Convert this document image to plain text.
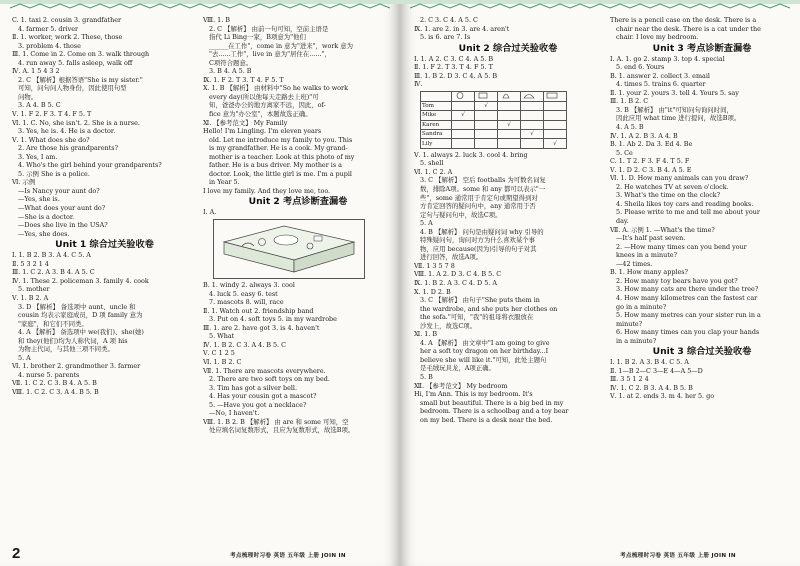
C. 1. taxi 2. cousin 3. grandfather
4. farmer 5. driver
Ⅱ. 1. worker, work 2. These, those
3. problem 4. those
Ⅲ. 1. Come in 2. Come on 3. walk through
4. run away 5. falls asleep, walk off
Ⅳ. A. 1 5 4 3 2
2. C 【解析】根据答语"She is my sister."
可知，问句问人物身份，因此使用句型
问物。
3. A 4. B 5. C
Ⅴ. 1. F 2. F 3. T 4. F 5. T
Ⅵ. 1. C. No, she isn't. 2. She is a nurse.
3. Yes, he is. 4. He is a doctor.
Ⅴ. 1. What does she do?
2. Are those his grandparents?
3. Yes, I am.
4. Who's the girl behind your grandparents?
5. 示例 She is a police.
Ⅵ. 示例
—Is Nancy your aunt do?
—Yes, she is.
—What does your aunt do?
—She is a doctor.
—Does she live in the USA?
—Yes, she does.
Unit 1 综合过关验收卷
Ⅰ. 1. B 2. B 3. A 4. C 5. A
Ⅱ. 5 3 2 1 4
Ⅲ. 1. C 2. A 3. B 4. A 5. C
Ⅳ. 1. These 2. policeman 3. family 4. cook
5. mother
Ⅴ. 1. B 2. A
3. D 【解析】 备选项中 aunt、uncle 和
cousin 均表示家庭成员，D 项 family 意为
"家庭"，和它们不同类。
4. A 【解析】 备选项中 we(我们)、she(她)
和 they(他们)均为人称代词，A 项 his
为物主代词，与其他三项不同类。
5. A
Ⅵ. 1. brother 2. grandmother 3. farmer
4. nurse 5. parents
Ⅶ. 1. C 2. C 3. B 4. A 5. B
Ⅷ. 1. C 2. C 3. A 4. B 5. B
Ⅷ. 1. B
2. C 【解析】 由前一句可知，空前主语是
指代 Li Bing一家，B项意为"他们
______在工作"，come in 意为"进来"，work 意为
"去......工作"，live in 意为"居住在......"，
C项符合题意。
3. B 4. A 5. B
Ⅸ. 1. F 2. T 3. T 4. F 5. T
Ⅹ. 1. B 【解析】 由材料中"So he walks to work
every day(所以他每天走路去上班)"可
知，爸爸办公的地方离家不远，因此，of-
fice 意为"办公室"，本题故选正确。
Ⅺ. 【参考范文】 My Family
Hello! I'm Lingling. I'm eleven years
old. Let me introduce my family to you. This
is my grandfather. He is a cook. My grand-
mother is a teacher. Look at this photo of my
father. He is a bus driver. My mother is a
doctor. Look, the little girl is me. I'm a pupil
in Year 5.
I love my family. And they love me, too.
Unit 2 考点诊断查漏卷
Ⅰ. A.
B. 1. windy 2. always 3. cool
4. luck 5. easy 6. test
7. mascots 8. will, race
Ⅱ. 1. Watch out 2. friendship band
3. Put on 4. soft toys 5. in my wardrobe
Ⅲ. 1. are 2. have got 3. is 4. haven't
5. What
Ⅳ. 1. B 2. C 3. A 4. B 5. C
Ⅴ. C 1 2 5
Ⅵ. 1. B 2. C
Ⅶ. 1. There are mascots everywhere.
2. There are two soft toys on my bed.
3. Tim has got a silver bell.
4. Has your cousin got a mascot?
5. —Have you got a necklace?
—No, I haven't.
Ⅷ. 1. B 2. B 【解析】 由 are 和 some 可知，空
处应填名词复数形式，且应为复数形式，故选B项。
2	考点梳理时习卷 英语 五年级 上册 JOIN IN
2. C 3. C 4. A 5. C
Ⅸ. 1. are 2. in 3. are 4. aren't
5. is 6. are 7. Is
Unit 2 综合过关验收卷
Ⅰ. 1. A 2. C 3. C 4. A 5. B
Ⅱ. 1. F 2. T 3. T 4. F 5. T
Ⅲ. 1. B 2. D 3. C 4. A 5. B
Ⅳ.

Tom		√			
Mike	√				
Karen			√		
Sandra				√	
Lily					√
Ⅴ. 1. always 2. luck 3. cool 4. bring
5. shell
Ⅵ. 1. C 2. A
3. C 【解析】 空后 footballs 为可数名词复
数，排除A项。some 和 any 都可以表示"一
些"，some 通常用于肯定句或期望得到对
方肯定回答的疑问句中，any 通常用于否
定句与疑问句中，故选C项。
5. A
4. B 【解析】 问句是由疑问词 why 引导的
特殊疑问句，询问对方为什么喜欢某个事
物，应用 because(因为)引导的句子对其
进行回答，故选A项。
Ⅶ. 1 3 5 7 8
Ⅷ. 1. A 2. D 3. C 4. B 5. C
Ⅸ. 1. B 2. A 3. C 4. D 5. A
Ⅹ. 1. D 2. B
3. C 【解析】 由句子"She puts them in
the wardrobe, and she puts her clothes on
the sofa."可知，"我"的祖母将衣服放在
沙发上，故选C项。
Ⅺ. 1. B
4. A 【解析】 由文章中"I am going to give
her a soft toy dragon on her birthday...I
believe she will like it."可知，此处主题句
是毛绒玩具龙，A项正确。
5. B
Ⅻ. 【参考范文】 My bedroom
Hi, I'm Ann. This is my bedroom. It's
small but beautiful. There is a big bed in my
bedroom. There is a schoolbag and a toy bear
on my bed. There is a desk near the bed.
There is a pencil case on the desk. There is a
chair near the desk. There is a cat under the
chair. I love my bedroom.
Unit 3 考点诊断查漏卷
Ⅰ. A. 1. go 2. stamp 3. top 4. special
5. end 6. Yours
B. 1. answer 2. collect 3. email
4. times 5. trains 6. quarter
Ⅱ. 1. your 2. yours 3. tell 4. Yours 5. say
Ⅲ. 1. B 2. C
3. B 【解析】 由"it"可知问句询问时间，
因此应用 what time 进行提问，故选B项。
4. A 5. B
Ⅳ. 1. A 2. B 3. A 4. B
B. 1. Ab 2. Da 3. Ed 4. Be
5. Ce
C. 1. T 2. F 3. F 4. T 5. F
Ⅴ. 1. D 2. C 3. B 4. A 5. E
Ⅵ. 1. D. How many animals can you draw?
2. He watches TV at seven o'clock.
3. What's the time on the clock?
4. Sheila likes toy cars and reading books.
5. Please write to me and tell me about your
day.
Ⅶ. A. 示例 1. —What's the time?
—It's half past seven.
2. —How many times can you bend your
knees in a minute?
—42 times.
B. 1. How many apples?
2. How many toy bears have you got?
3. How many cats are there under the tree?
4. How many kilometres can the fastest car
go in a minute?
5. How many metres can your sister run in a
minute?
6. How many times can you clap your hands
in a minute?
Unit 3 综合过关验收卷
Ⅰ. 1. B 2. A 3. B 4. C 5. A
Ⅱ. 1—B 2—C 3—E 4—A 5—D
Ⅲ. 3 5 1 2 4
Ⅳ. 1. C 2. B 3. A 4. B 5. B
Ⅴ. 1. at 2. ends 3. m 4. her 5. go
考点梳理时习卷 英语 五年级 上册 JOIN IN
